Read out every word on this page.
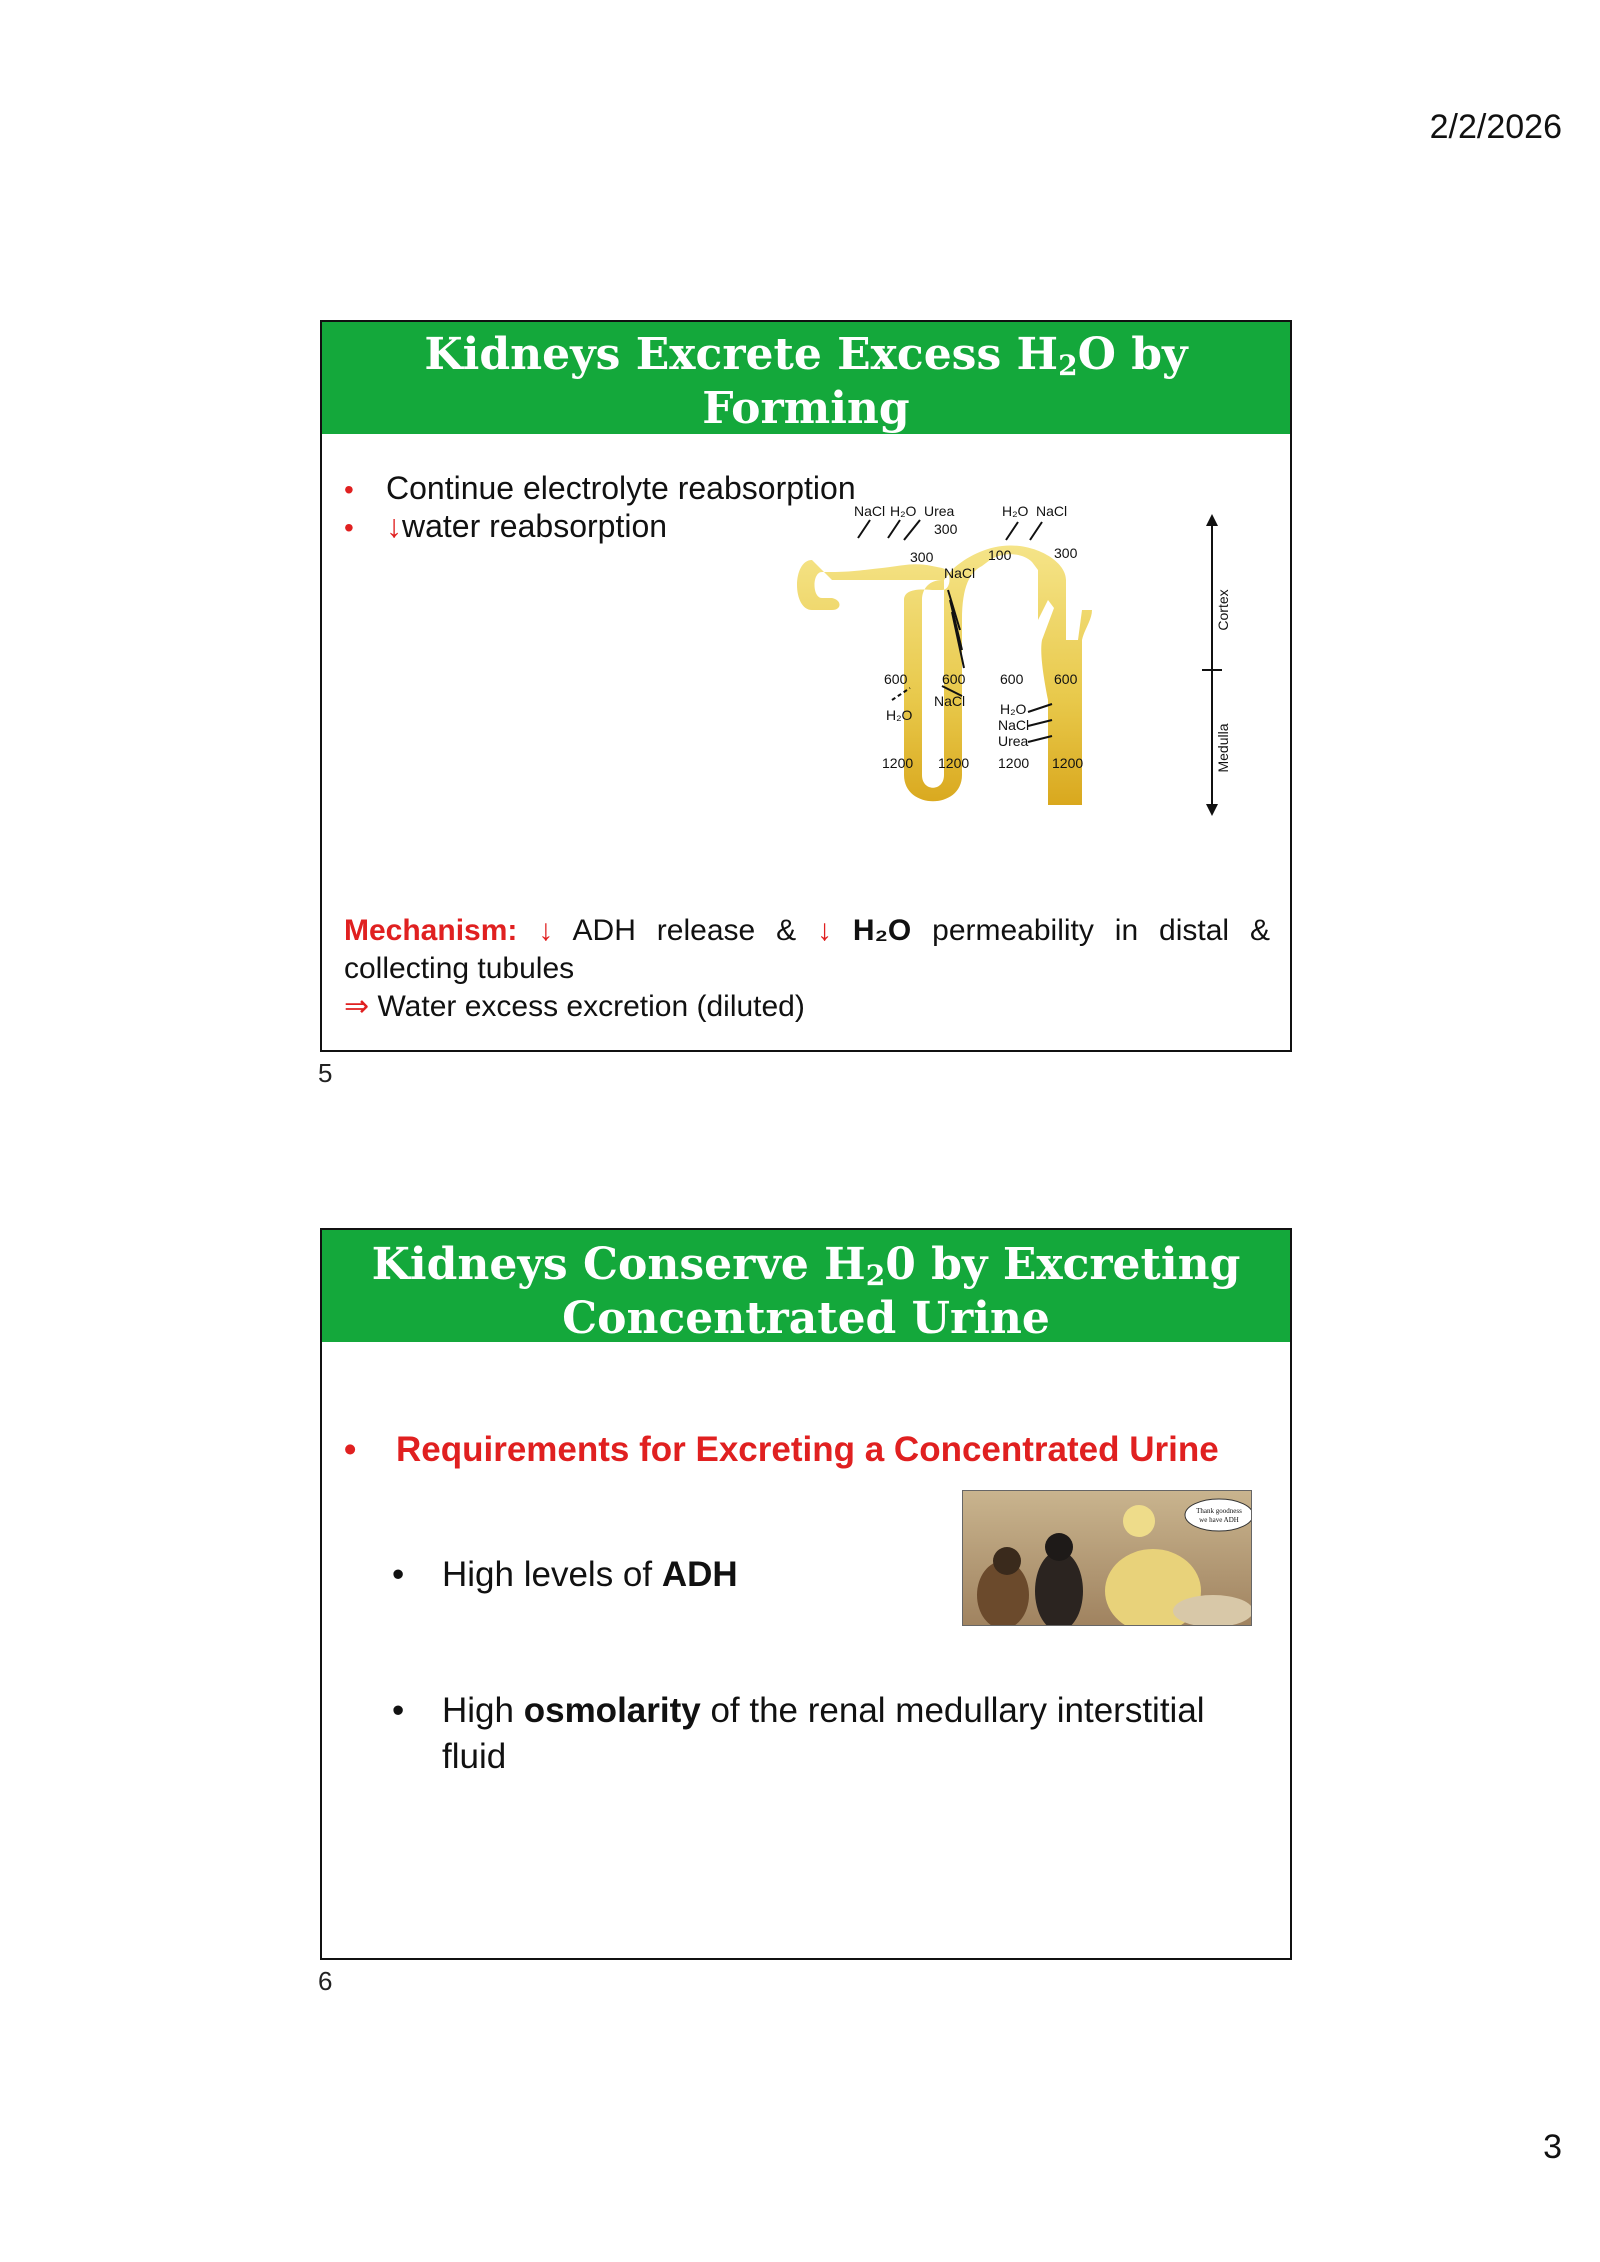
2/2/2026
Kidneys Excrete Excess $H_2O$ by Forming
Diluted Urine
•	Continue electrolyte reabsorption
•	↓ water reabsorption
Cortex
Medulla
NaCl H₂O Urea
300
300
H₂O NaCl
100	300
NaCl
600 600 600 600
H₂O
NaCl H₂O
NaCl
Urea
1200 1200 1200 1200
Mechanism: ↓ ADH release & ↓ H₂O permeability in distal & collecting tubules
⇒ Water excess excretion (diluted)
5
Kidneys Conserve $H_20$ by Excreting
Concentrated Urine
•	Requirements for Excreting a Concentrated Urine
•	High levels of ADH
•	High osmolarity of the renal medullary interstitial fluid
Thank goodness
we have ADH
6
3
